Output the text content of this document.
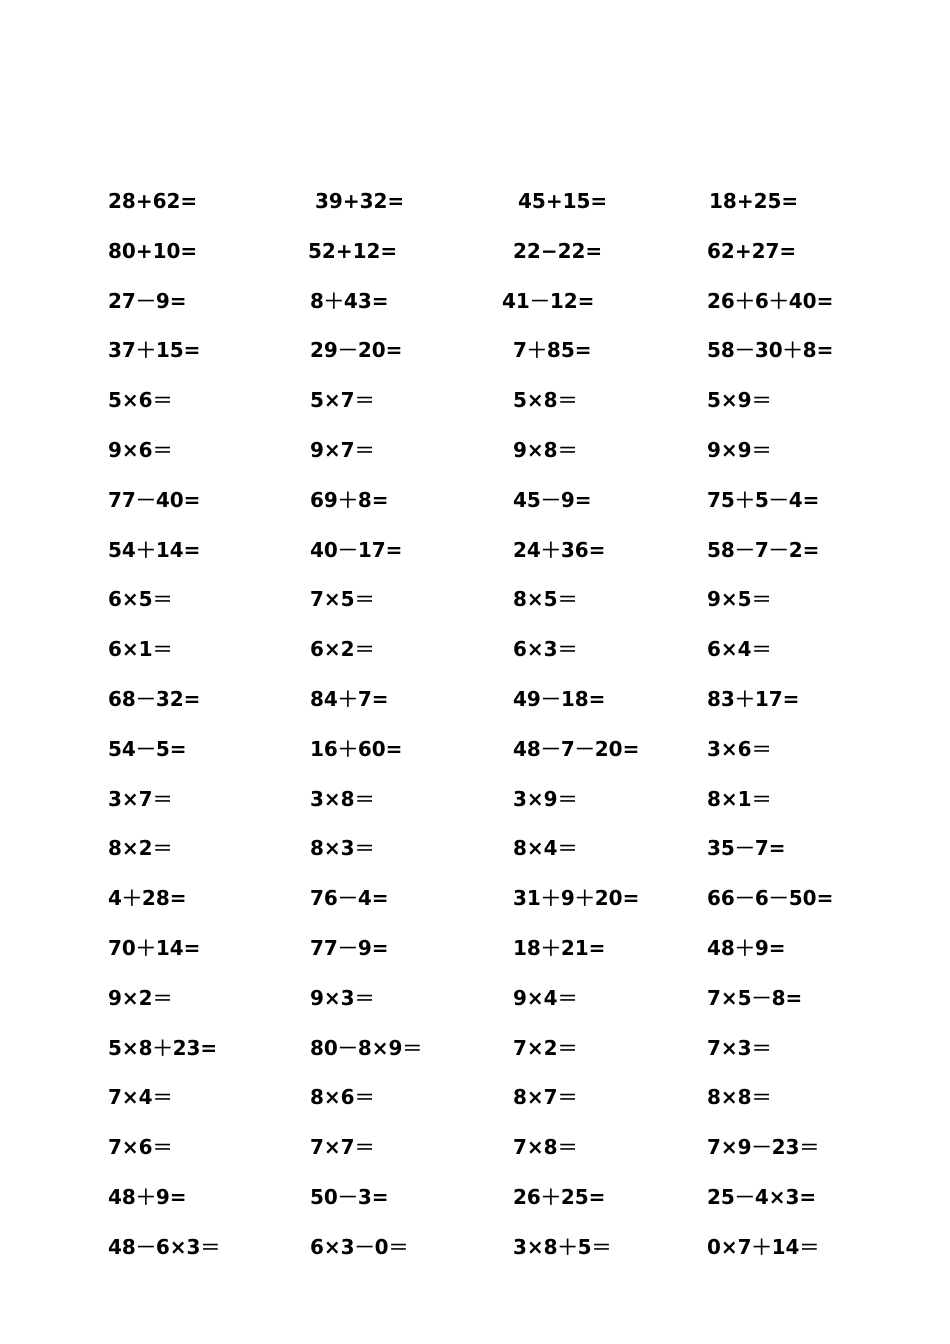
28+62=	39+32=	45+15=	18+25=
80+10=	52+12=	22−22=	62+27=
27－9=	8＋43=	41－12=	26＋6＋40=
37＋15=	29－20=	7＋85=	58－30＋8=
5×6＝	5×7＝	5×8＝	5×9＝
9×6＝	9×7＝	9×8＝	9×9＝
77－40=	69＋8=	45－9=	75＋5－4=
54＋14=	40－17=	24＋36=	58－7－2=
6×5＝	7×5＝	8×5＝	9×5＝
6×1＝	6×2＝	6×3＝	6×4＝
68－32=	84＋7=	49－18=	83＋17=
54－5=	16＋60=	48－7－20=	3×6＝
3×7＝	3×8＝	3×9＝	8×1＝
8×2＝	8×3＝	8×4＝	35－7=
4＋28=	76－4=	31＋9＋20=	66－6－50=
70＋14=	77－9=	18＋21=	48＋9=
9×2＝	9×3＝	9×4＝	7×5－8=
5×8＋23=	80－8×9＝	7×2＝	7×3＝
7×4＝	8×6＝	8×7＝	8×8＝
7×6＝	7×7＝	7×8＝	7×9－23＝
48＋9=	50－3=	26＋25=	25－4×3=
48－6×3＝	6×3－0＝	3×8＋5＝	0×7＋14＝
